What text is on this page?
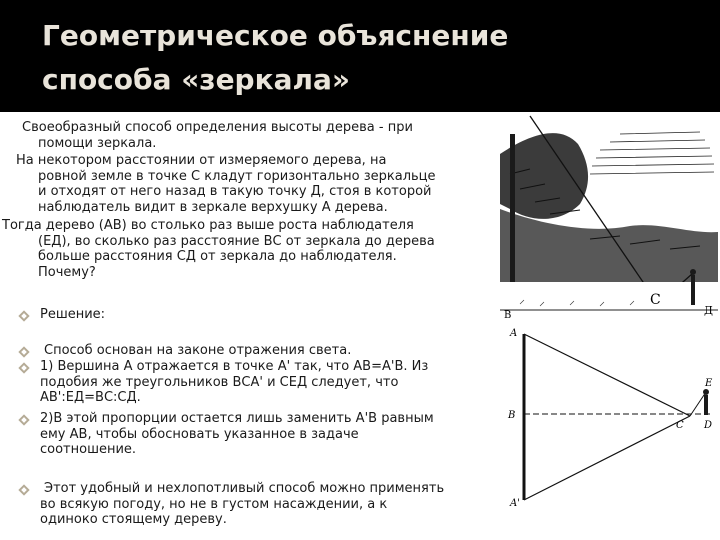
Геометрическое объяснение
способа «зеркала»
Своеобразный способ определения высоты дерева - при
помощи зеркала.
На некотором расстоянии от измеряемого дерева, на
ровной земле в точке С кладут горизонтально зеркальце
и отходят от него назад в такую точку Д, стоя в которой
наблюдатель видит в зеркале верхушку А дерева.
Тогда дерево (АВ) во столько раз выше роста наблюдателя
(ЕД), во сколько раз расстояние ВС от зеркала до дерева
больше расстояния СД от зеркала до наблюдателя.
Почему?
Решение:
Способ основан на законе отражения света.
1) Вершина А отражается в точке А' так, что АВ=А'В. Из
подобия же треугольников ВСА' и СЕД следует, что
АВ':ЕД=ВС:СД.
2)В этой пропорции остается лишь заменить А'В равным
ему АВ, чтобы обосновать указанное в задаче
соотношение.
Этот удобный и нехлопотливый способ можно применять
во всякую погоду, но не в густом насаждении, а к
одиноко стоящему дереву.
В
С
Д
A
B
A'
C
E
D
